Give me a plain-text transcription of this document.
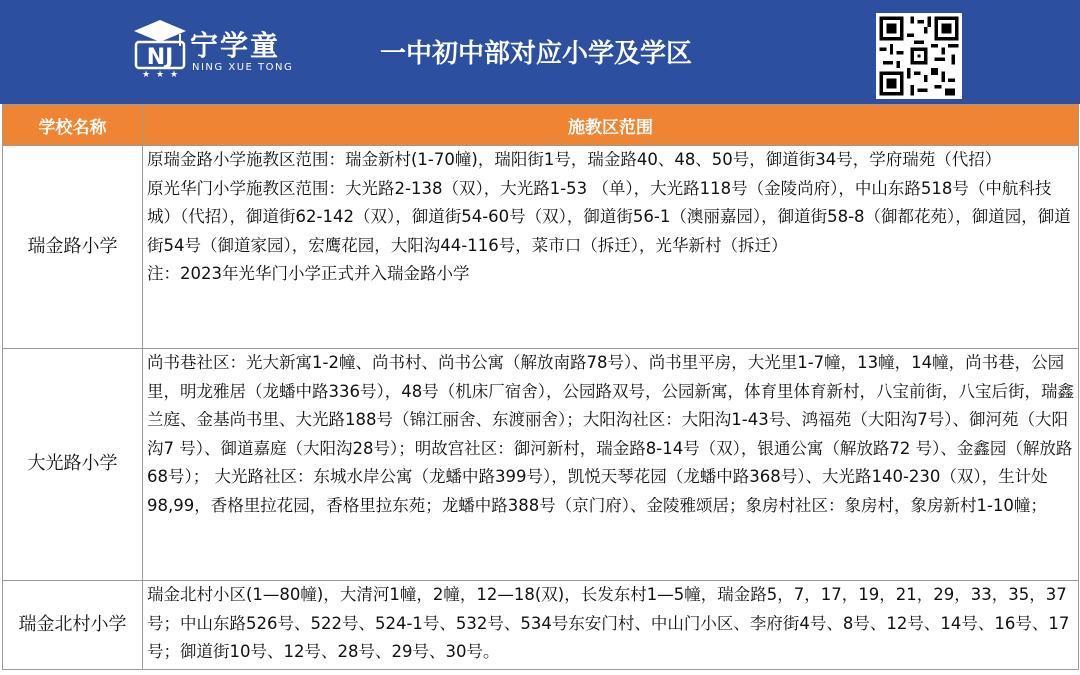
NJ
★ ★ ★
宁学童
NING XUE TONG	一中初中部对应小学及学区
学校名称	施教区范围
瑞金路小学	原瑞金路小学施教区范围：瑞金新村(1-70幢)，瑞阳街1号，瑞金路40、48、50号，御道街34号，学府瑞苑（代招）

原光华门小学施教区范围：大光路2-138（双），大光路1-53 （单），大光路118号（金陵尚府），中山东路518号（中航科技城）（代招），御道街62-142（双），御道街54-60号（双），御道街56-1（澳丽嘉园），御道街58-8（御都花苑），御道园，御道街54号（御道家园），宏鹰花园，大阳沟44-116号，菜市口（拆迁），光华新村（拆迁）

注：2023年光华门小学正式并入瑞金路小学

大光路小学	尚书巷社区：光大新寓1-2幢、尚书村、尚书公寓（解放南路78号）、尚书里平房，大光里1-7幢，13幢，14幢，尚书巷，公园里，明龙雅居（龙蟠中路336号），48号（机床厂宿舍），公园路双号，公园新寓，体育里体育新村，八宝前街，八宝后街，瑞鑫兰庭、金基尚书里、大光路188号（锦江丽舍、东渡丽舍）；大阳沟社区：大阳沟1-43号、鸿福苑（大阳沟7号）、御河苑（大阳沟7 号）、御道嘉庭（大阳沟28号）；明故宫社区：御河新村，瑞金路8-14号（双），银通公寓（解放路72 号）、金鑫园（解放路68号）； 大光路社区：东城水岸公寓（龙蟠中路399号），凯悦天琴花园（龙蟠中路368号）、大光路140-230（双），生计处98,99，香格里拉花园，香格里拉东苑；龙蟠中路388号（京门府）、金陵雅颂居；象房村社区：象房村，象房新村1-10幢；

瑞金北村小学	瑞金北村小区(1—80幢)，大清河1幢，2幢，12—18(双)，长发东村1—5幢，瑞金路5，7，17，19，21，29，33，35，37号；中山东路526号、522号、524-1号、532号、534号东安门村、中山门小区、李府街4号、8号、12号、14号、16号、17号；御道街10号、12号、28号、29号、30号。
